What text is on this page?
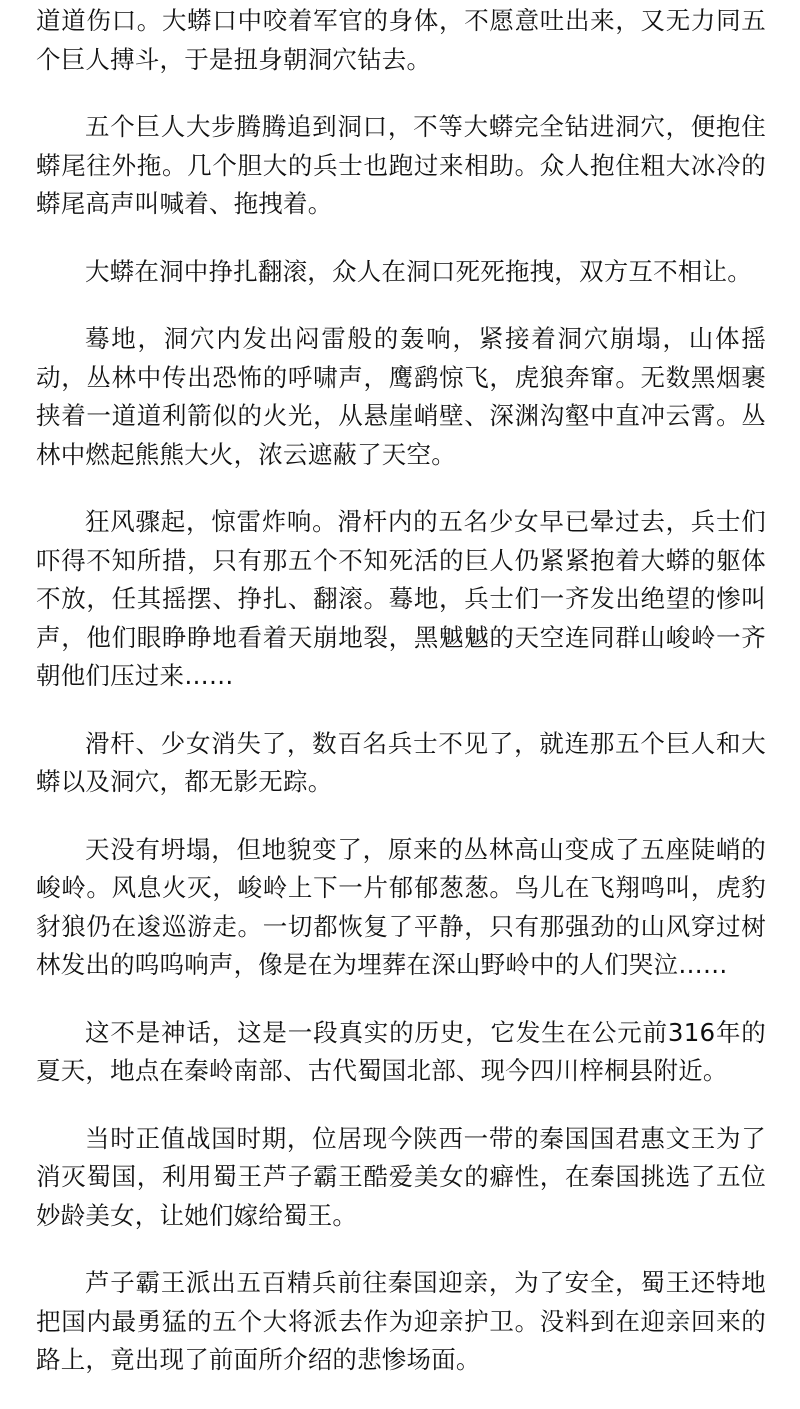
道道伤口。大蟒口中咬着军官的身体，不愿意吐出来，又无力同五个巨人搏斗，于是扭身朝洞穴钻去。

五个巨人大步腾腾追到洞口，不等大蟒完全钻进洞穴，便抱住蟒尾往外拖。几个胆大的兵士也跑过来相助。众人抱住粗大冰冷的蟒尾高声叫喊着、拖拽着。

大蟒在洞中挣扎翻滚，众人在洞口死死拖拽，双方互不相让。

蓦地，洞穴内发出闷雷般的轰响，紧接着洞穴崩塌，山体摇动，丛林中传出恐怖的呼啸声，鹰鹞惊飞，虎狼奔窜。无数黑烟裹挟着一道道利箭似的火光，从悬崖峭壁、深渊沟壑中直冲云霄。丛林中燃起熊熊大火，浓云遮蔽了天空。

狂风骤起，惊雷炸响。滑杆内的五名少女早已晕过去，兵士们吓得不知所措，只有那五个不知死活的巨人仍紧紧抱着大蟒的躯体不放，任其摇摆、挣扎、翻滚。蓦地，兵士们一齐发出绝望的惨叫声，他们眼睁睁地看着天崩地裂，黑魆魆的天空连同群山峻岭一齐朝他们压过来……

滑杆、少女消失了，数百名兵士不见了，就连那五个巨人和大蟒以及洞穴，都无影无踪。

天没有坍塌，但地貌变了，原来的丛林高山变成了五座陡峭的峻岭。风息火灭，峻岭上下一片郁郁葱葱。鸟儿在飞翔鸣叫，虎豹豺狼仍在逡巡游走。一切都恢复了平静，只有那强劲的山风穿过树林发出的呜呜响声，像是在为埋葬在深山野岭中的人们哭泣……

这不是神话，这是一段真实的历史，它发生在公元前316年的夏天，地点在秦岭南部、古代蜀国北部、现今四川梓桐县附近。

当时正值战国时期，位居现今陕西一带的秦国国君惠文王为了消灭蜀国，利用蜀王芦子霸王酷爱美女的癖性，在秦国挑选了五位妙龄美女，让她们嫁给蜀王。

芦子霸王派出五百精兵前往秦国迎亲，为了安全，蜀王还特地把国内最勇猛的五个大将派去作为迎亲护卫。没料到在迎亲回来的路上，竟出现了前面所介绍的悲惨场面。
